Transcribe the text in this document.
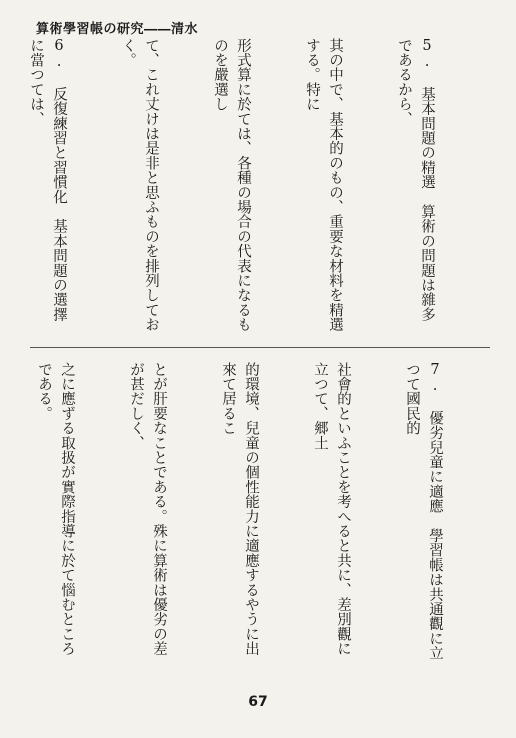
算術學習帳の研究――清水

5. 基本問題の精選　算術の問題は雜多であるから、

其の中で、基本的のもの、重要な材料を精選する。特に

形式算に於ては、各種の場合の代表になるものを嚴選し

て、これ丈けは是非と思ふものを排列しておく。

6. 反復練習と習慣化　基本問題の選擇に當つては、

7. 優劣兒童に適應　學習帳は共通觀に立つて國民的

社會的といふことを考へると共に、差別觀に立つて、郷土

的環境、兒童の個性能力に適應するやうに出來て居るこ

とが肝要なことである。殊に算術は優劣の差が甚だしく、

之に應ずる取扱が實際指導に於て惱むところである。

67
